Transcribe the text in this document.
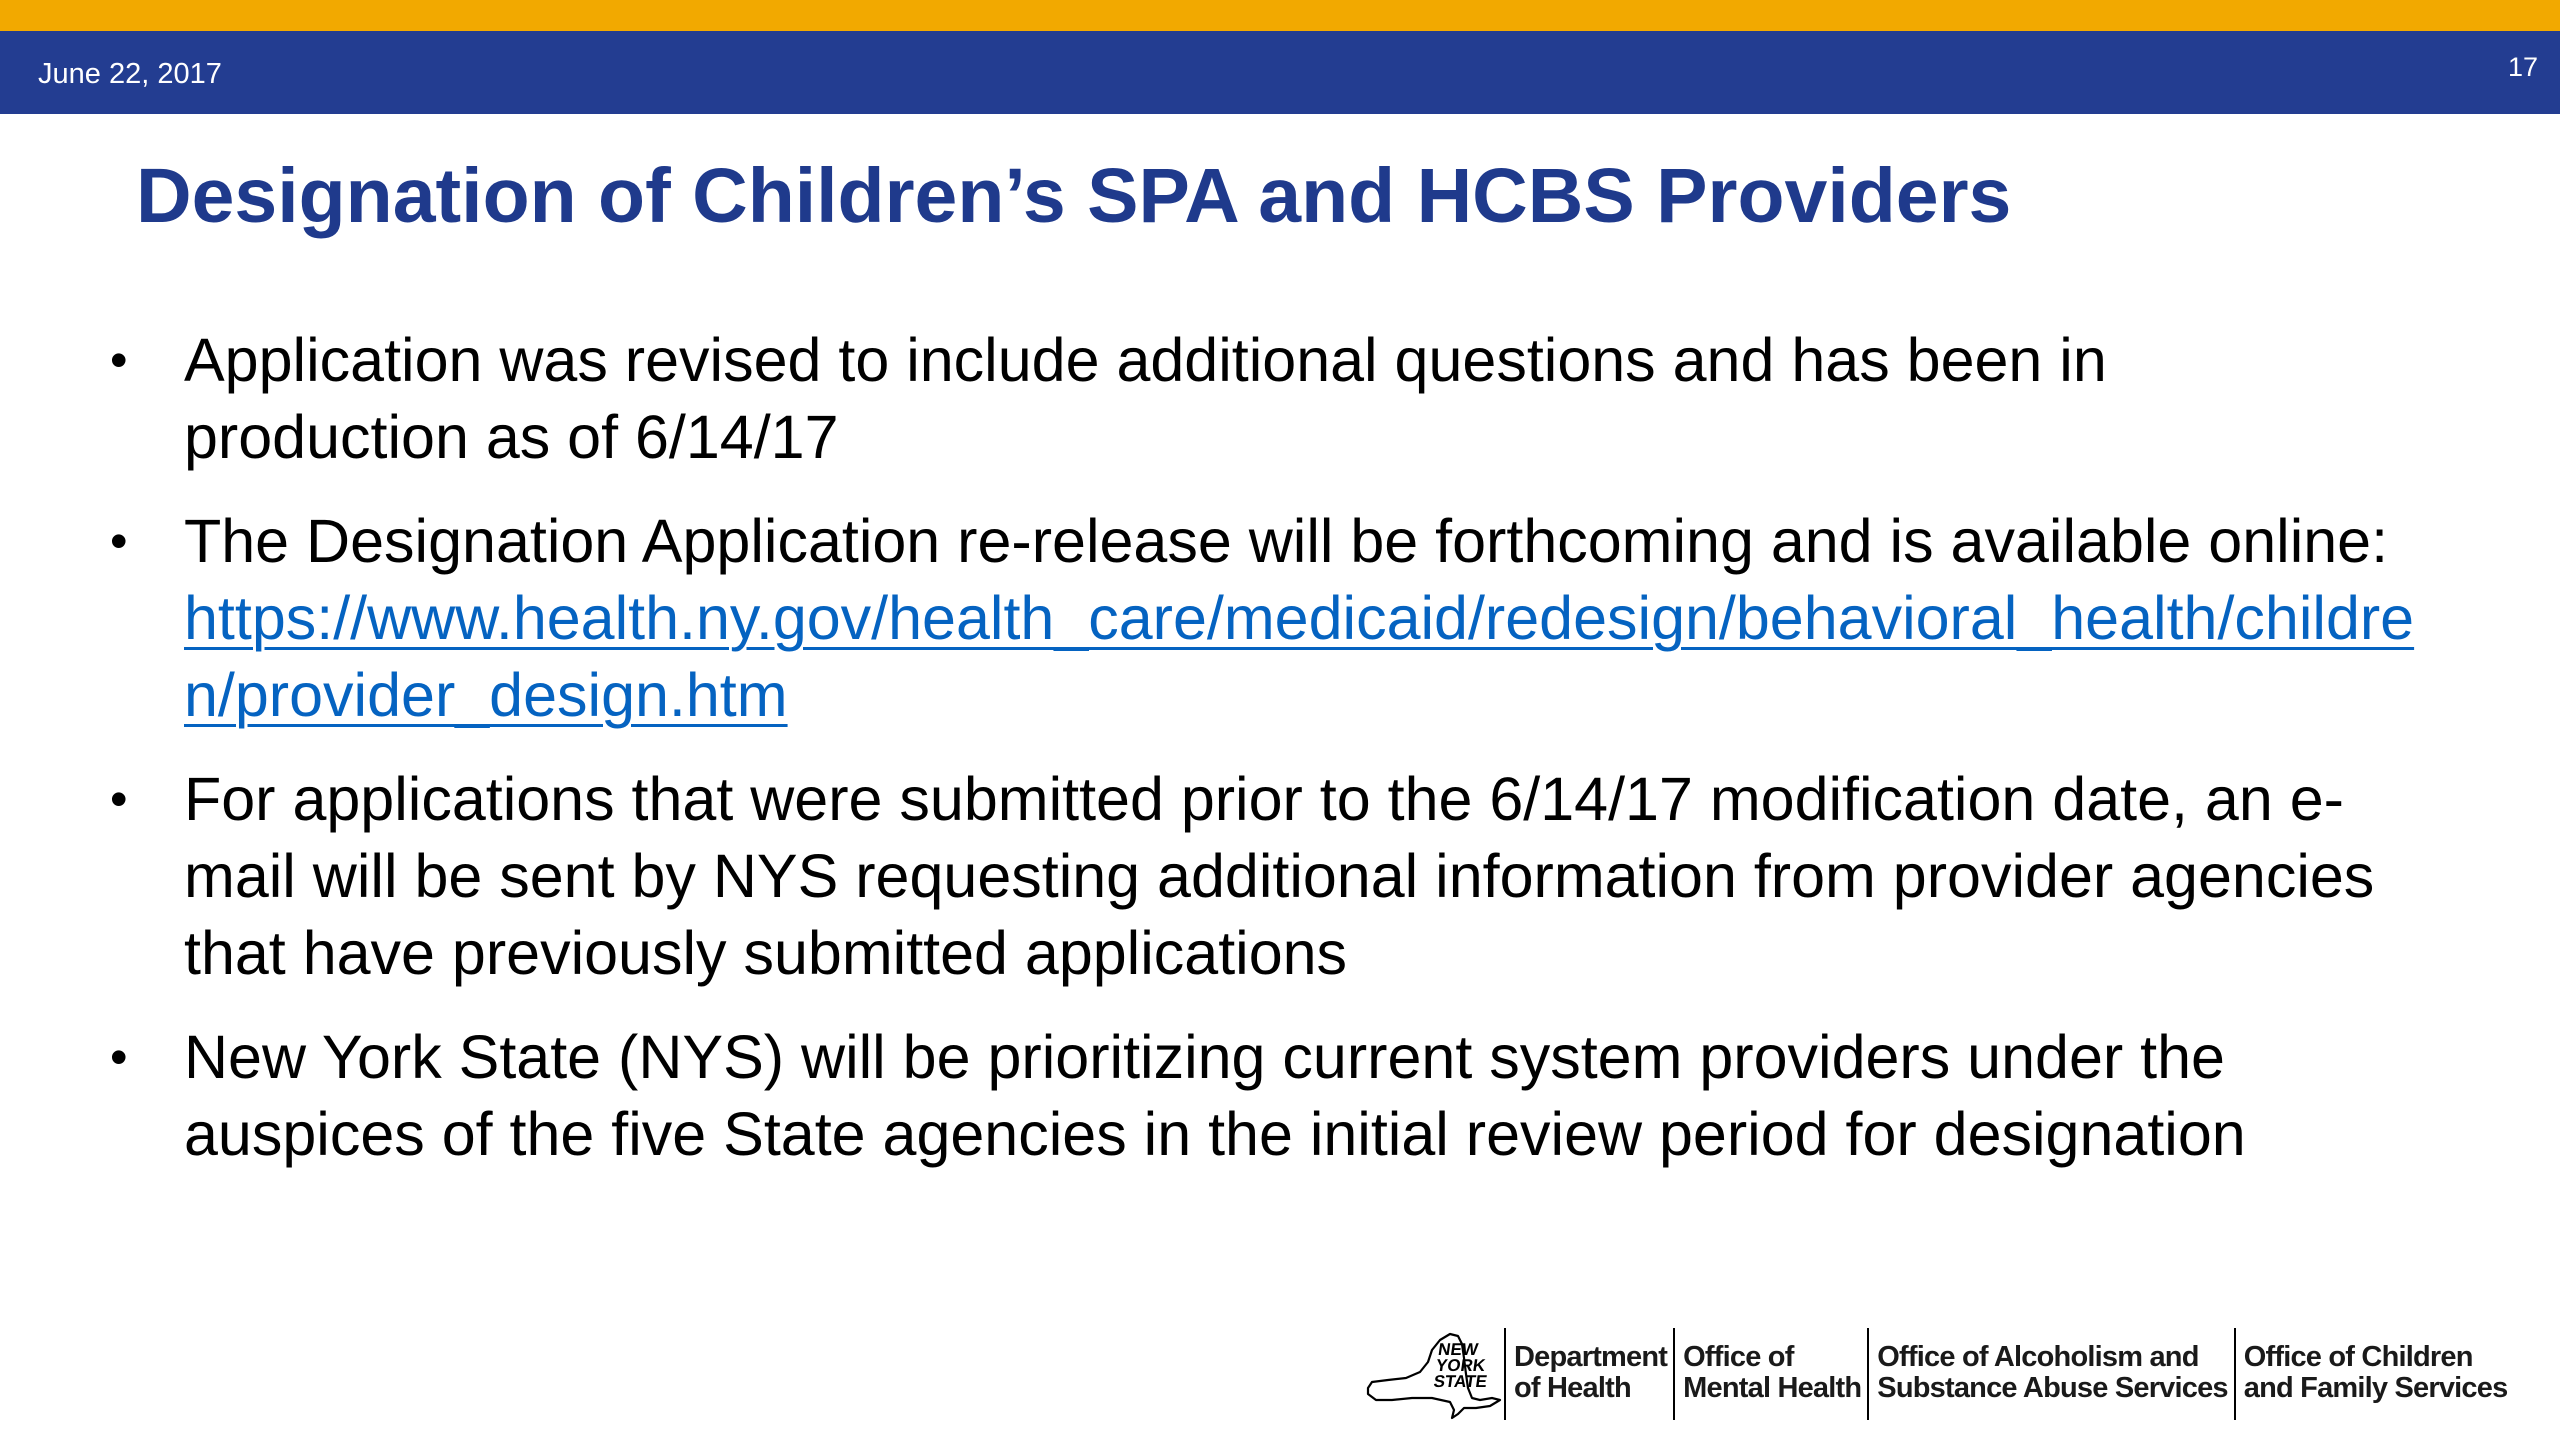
June 22, 2017	17
Designation of Children’s SPA and HCBS Providers
• Application was revised to include additional questions and has been in production as of 6/14/17
• The Designation Application re-release will be forthcoming and is available online:
https://www.health.ny.gov/health_care/medicaid/redesign/behavioral_health/children/provider_design.htm
• For applications that were submitted prior to the 6/14/17 modification date, an e-mail will be sent by NYS requesting additional information from provider agencies that have previously submitted applications
• New York State (NYS) will be prioritizing current system providers under the auspices of the five State agencies in the initial review period for designation
NEW
YORK
STATE
Department
of Health
Office of
Mental Health
Office of Alcoholism and
Substance Abuse Services
Office of Children
and Family Services
